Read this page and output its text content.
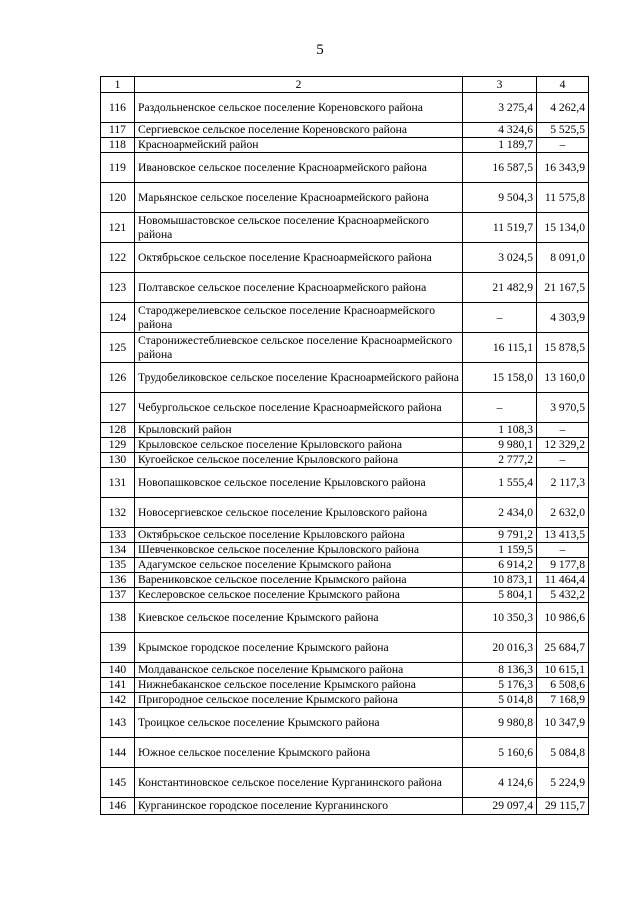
5
1	2	3	4
116	Раздольненское сельское поселение Кореновского района	3 275,4	4 262,4
117	Сергиевское сельское поселение Кореновского района	4 324,6	5 525,5
118	Красноармейский район	1 189,7	–
119	Ивановское сельское поселение Красноармейского района	16 587,5	16 343,9
120	Марьянское сельское поселение Красноармейского района	9 504,3	11 575,8
121	Новомышастовское сельское поселение Красноармейского района	11 519,7	15 134,0
122	Октябрьское сельское поселение Красноармейского района	3 024,5	8 091,0
123	Полтавское сельское поселение Красноармейского района	21 482,9	21 167,5
124	Староджерелиевское сельское поселение Красноармейского района	–	4 303,9
125	Старонижестеблиевское сельское поселение Красноармейского района	16 115,1	15 878,5
126	Трудобеликовское сельское поселение Красноармейского района	15 158,0	13 160,0
127	Чебургольское сельское поселение Красноармейского района	–	3 970,5
128	Крыловский район	1 108,3	–
129	Крыловское сельское поселение Крыловского района	9 980,1	12 329,2
130	Кугоейское сельское поселение Крыловского района	2 777,2	–
131	Новопашковское сельское поселение Крыловского района	1 555,4	2 117,3
132	Новосергиевское сельское поселение Крыловского района	2 434,0	2 632,0
133	Октябрьское сельское поселение Крыловского района	9 791,2	13 413,5
134	Шевченковское сельское поселение Крыловского района	1 159,5	–
135	Адагумское сельское поселение Крымского района	6 914,2	9 177,8
136	Варениковское сельское поселение Крымского района	10 873,1	11 464,4
137	Кеслеровское сельское поселение Крымского района	5 804,1	5 432,2
138	Киевское сельское поселение Крымского района	10 350,3	10 986,6
139	Крымское городское поселение Крымского района	20 016,3	25 684,7
140	Молдаванское сельское поселение Крымского района	8 136,3	10 615,1
141	Нижнебаканское сельское поселение Крымского района	5 176,3	6 508,6
142	Пригородное сельское поселение Крымского района	5 014,8	7 168,9
143	Троицкое сельское поселение Крымского района	9 980,8	10 347,9
144	Южное сельское поселение Крымского района	5 160,6	5 084,8
145	Константиновское сельское поселение Курганинского района	4 124,6	5 224,9
146	Курганинское городское поселение Курганинского	29 097,4	29 115,7
